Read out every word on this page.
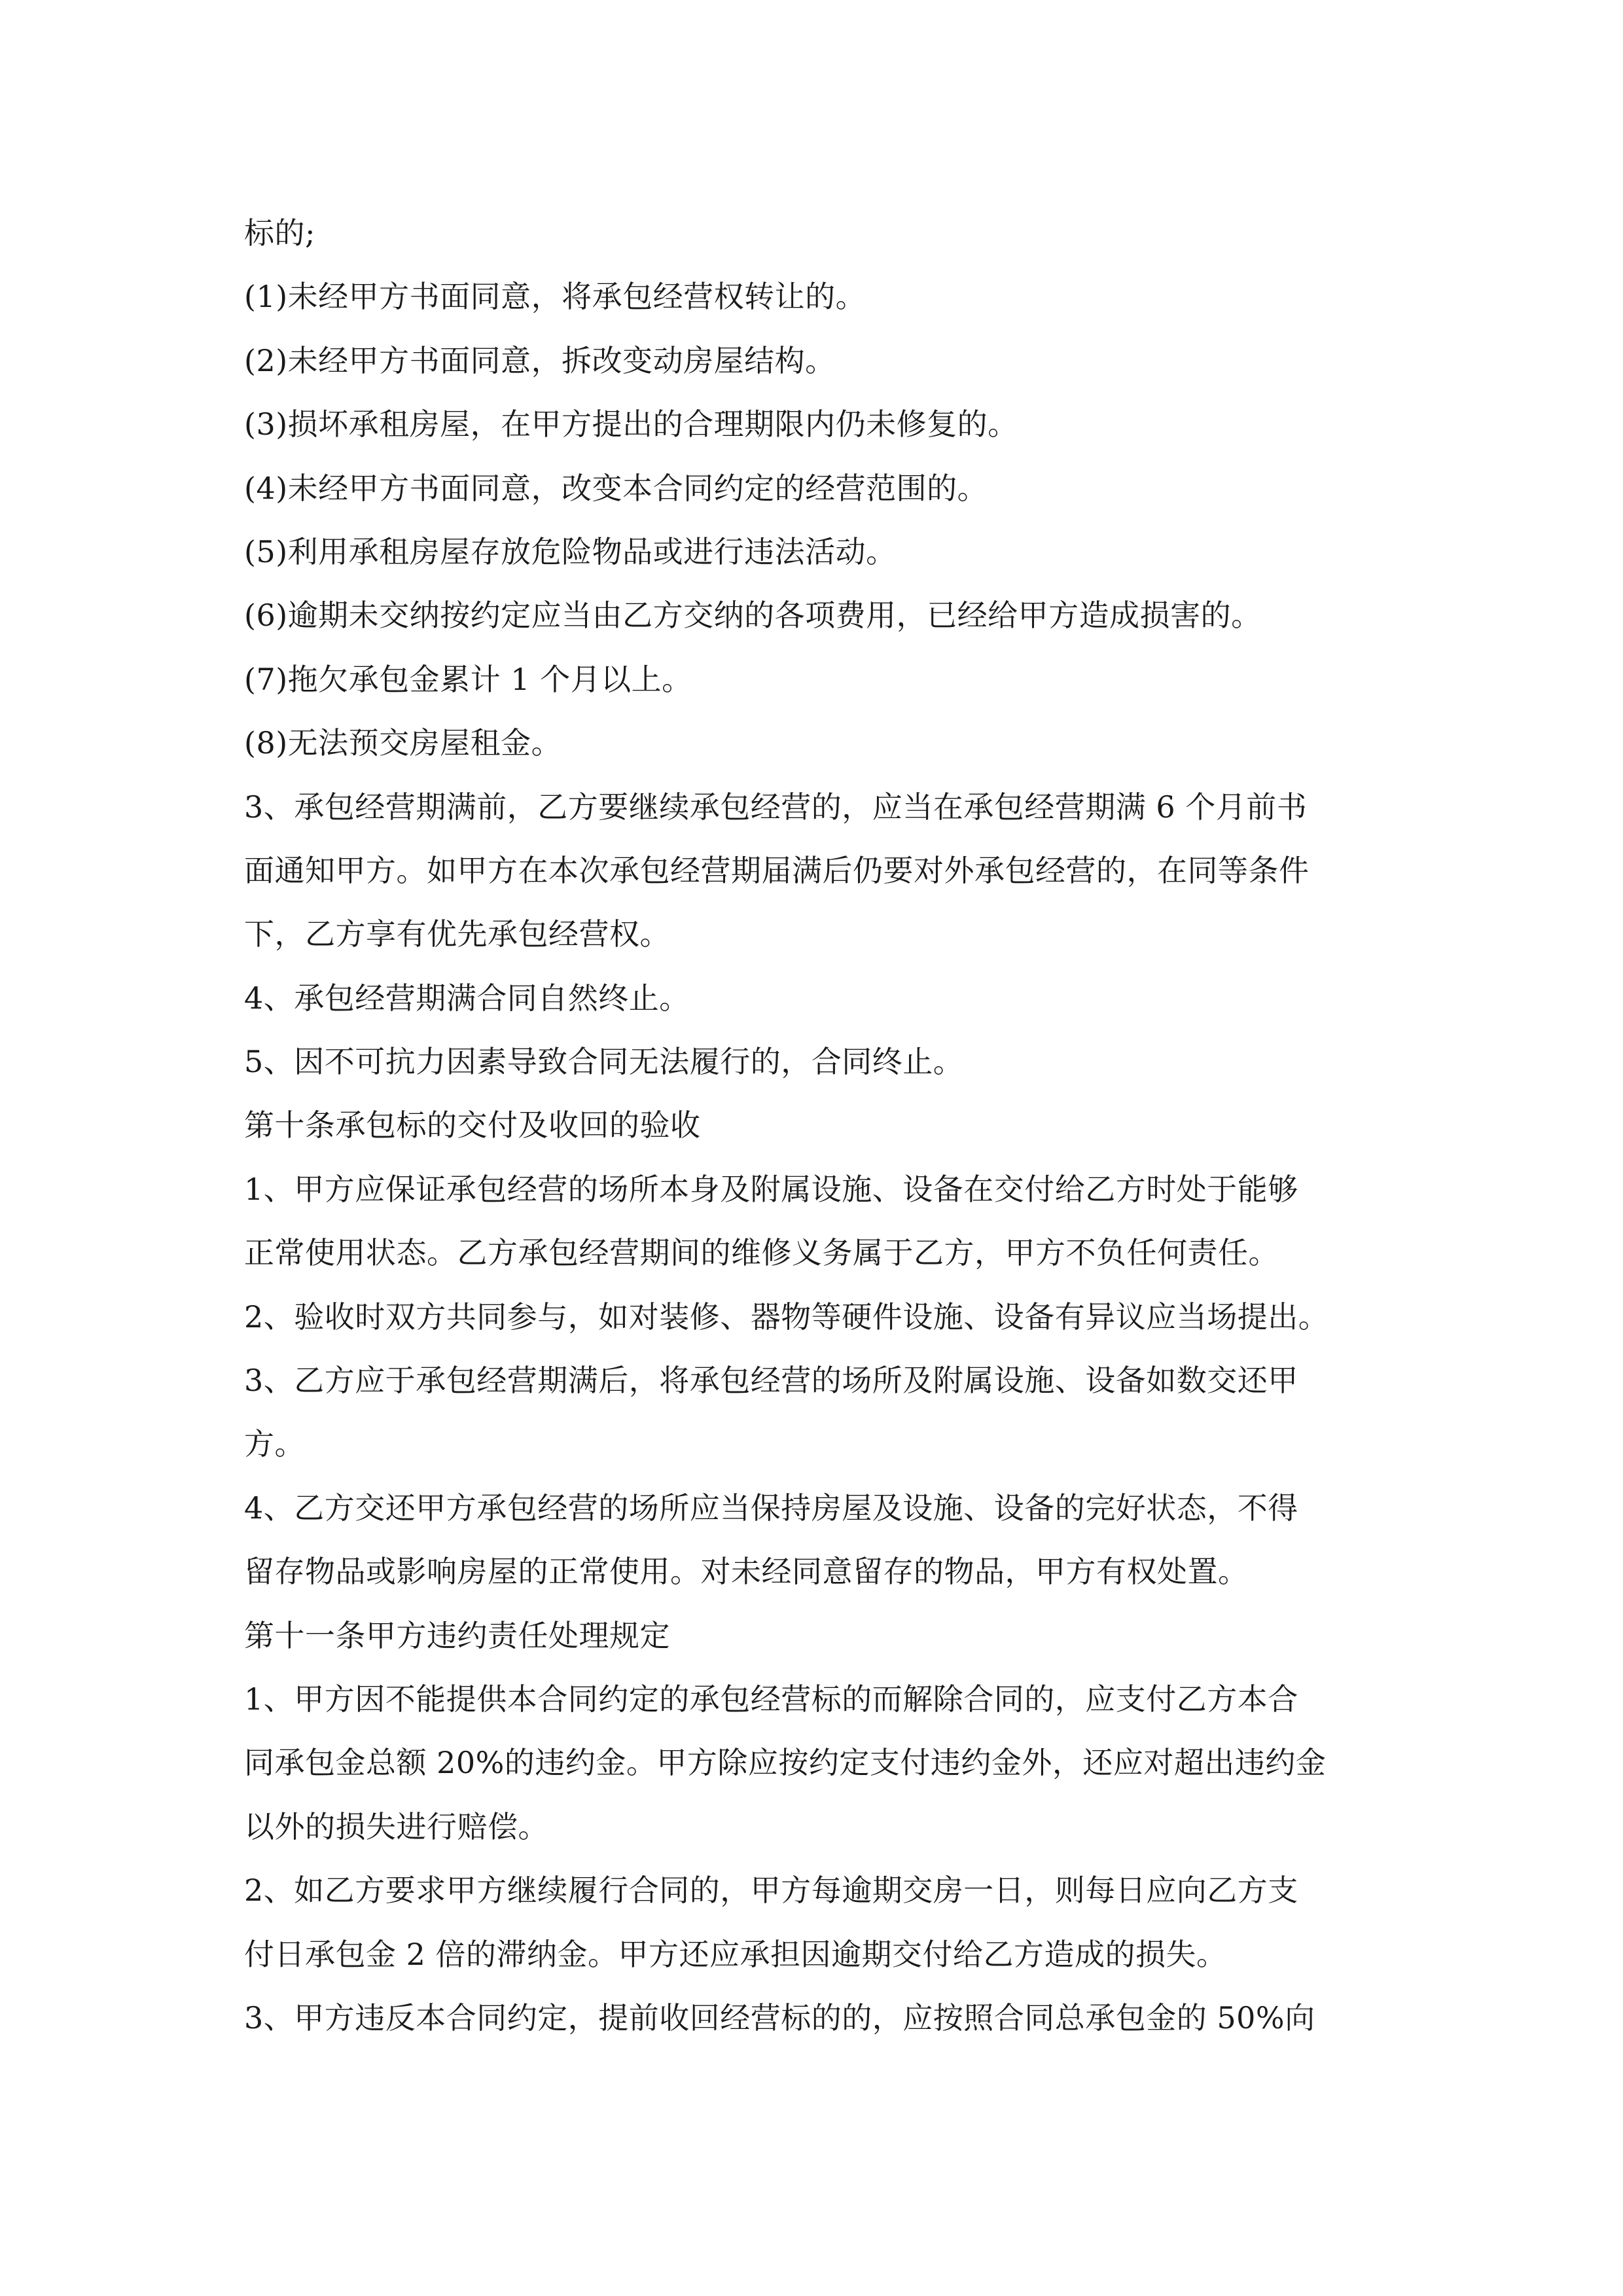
标的;
(1)未经甲方书面同意，将承包经营权转让的。
(2)未经甲方书面同意，拆改变动房屋结构。
(3)损坏承租房屋，在甲方提出的合理期限内仍未修复的。
(4)未经甲方书面同意，改变本合同约定的经营范围的。
(5)利用承租房屋存放危险物品或进行违法活动。
(6)逾期未交纳按约定应当由乙方交纳的各项费用，已经给甲方造成损害的。
(7)拖欠承包金累计 1 个月以上。
(8)无法预交房屋租金。
3、承包经营期满前，乙方要继续承包经营的，应当在承包经营期满 6 个月前书
面通知甲方。如甲方在本次承包经营期届满后仍要对外承包经营的，在同等条件
下，乙方享有优先承包经营权。
4、承包经营期满合同自然终止。
5、因不可抗力因素导致合同无法履行的，合同终止。
第十条承包标的交付及收回的验收
1、甲方应保证承包经营的场所本身及附属设施、设备在交付给乙方时处于能够
正常使用状态。乙方承包经营期间的维修义务属于乙方，甲方不负任何责任。
2、验收时双方共同参与，如对装修、器物等硬件设施、设备有异议应当场提出。
3、乙方应于承包经营期满后，将承包经营的场所及附属设施、设备如数交还甲
方。
4、乙方交还甲方承包经营的场所应当保持房屋及设施、设备的完好状态，不得
留存物品或影响房屋的正常使用。对未经同意留存的物品，甲方有权处置。
第十一条甲方违约责任处理规定
1、甲方因不能提供本合同约定的承包经营标的而解除合同的，应支付乙方本合
同承包金总额 20%的违约金。甲方除应按约定支付违约金外，还应对超出违约金
以外的损失进行赔偿。
2、如乙方要求甲方继续履行合同的，甲方每逾期交房一日，则每日应向乙方支
付日承包金 2 倍的滞纳金。甲方还应承担因逾期交付给乙方造成的损失。
3、甲方违反本合同约定，提前收回经营标的的，应按照合同总承包金的 50%向
